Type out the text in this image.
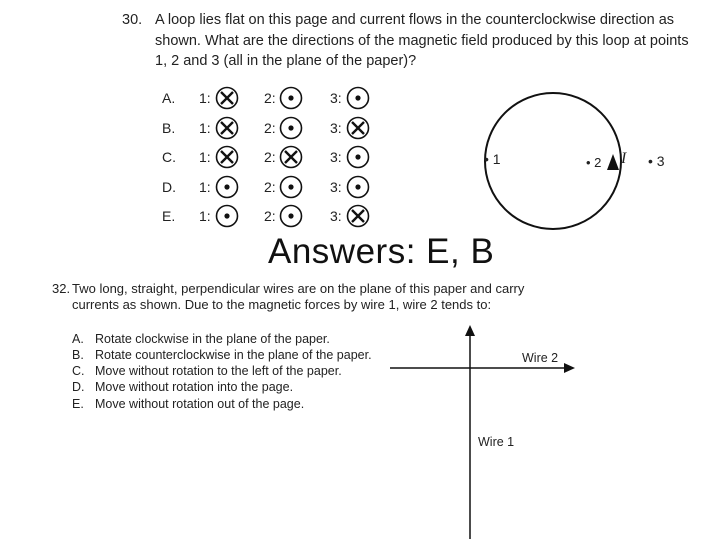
30. A loop lies flat on this page and current flows in the counterclockwise direction as shown. What are the directions of the magnetic field produced by this loop at points 1, 2 and 3 (all in the plane of the paper)?
A. 1:	2:	3:
B. 1:	2:	3:
C. 1:	2:	3:
D. 1:	2:	3:
E. 1:	2:	3:
• 1	• 2 I • 3
Answers: E, B
32. Two long, straight, perpendicular wires are on the plane of this paper and carry currents as shown. Due to the magnetic forces by wire 1, wire 2 tends to:
A. Rotate clockwise in the plane of the paper.
B. Rotate counterclockwise in the plane of the paper.
C. Move without rotation to the left of the paper.
D. Move without rotation into the page.
E. Move without rotation out of the page.
Wire 2
Wire 1
